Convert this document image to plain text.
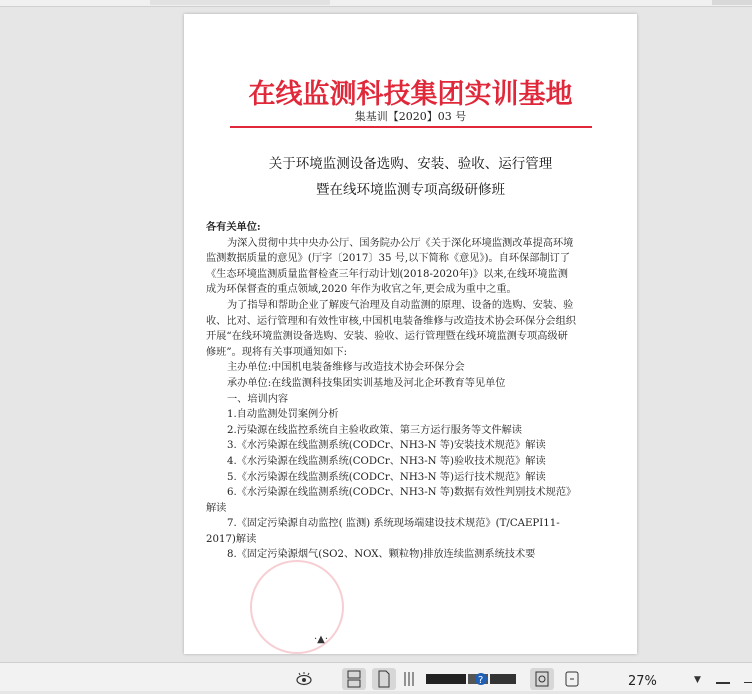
在线监测科技集团实训基地
集基训【2020】03 号
关于环境监测设备选购、安装、验收、运行管理
暨在线环境监测专项高级研修班

各有关单位:

为深入贯彻中共中央办公厅、国务院办公厅《关于深化环境监测改革提高环境监测数据质量的意见》(厅字〔2017〕35 号,以下简称《意见》)。自环保部制订了《生态环境监测质量监督检查三年行动计划(2018-2020年)》以来,在线环境监测成为环保督查的重点领域,2020 年作为收官之年,更会成为重中之重。

为了指导和帮助企业了解废气治理及自动监测的原理、设备的选购、安装、验收、比对、运行管理和有效性审核,中国机电装备维修与改造技术协会环保分会组织开展“在线环境监测设备选购、安装、验收、运行管理暨在线环境监测专项高级研修班”。现将有关事项通知如下:

主办单位:中国机电装备维修与改造技术协会环保分会

承办单位:在线监测科技集团实训基地及河北企环教育等见单位

一、培训内容

1.自动监测处罚案例分析

2.污染源在线监控系统自主验收政策、第三方运行服务等文件解读

3.《水污染源在线监测系统(CODCr、NH3-N 等)安装技术规范》解读

4.《水污染源在线监测系统(CODCr、NH3-N 等)验收技术规范》解读

5.《水污染源在线监测系统(CODCr、NH3-N 等)运行技术规范》解读

6.《水污染源在线监测系统(CODCr、NH3-N 等)数据有效性判别技术规范》解读

7.《固定污染源自动监控( 监测) 系统现场端建设技术规范》(T/CAEPI11-2017)解读

8.《固定污染源烟气(SO2、NOX、颗粒物)排放连续监测系统技术要

·▲·
?	27%	▼
